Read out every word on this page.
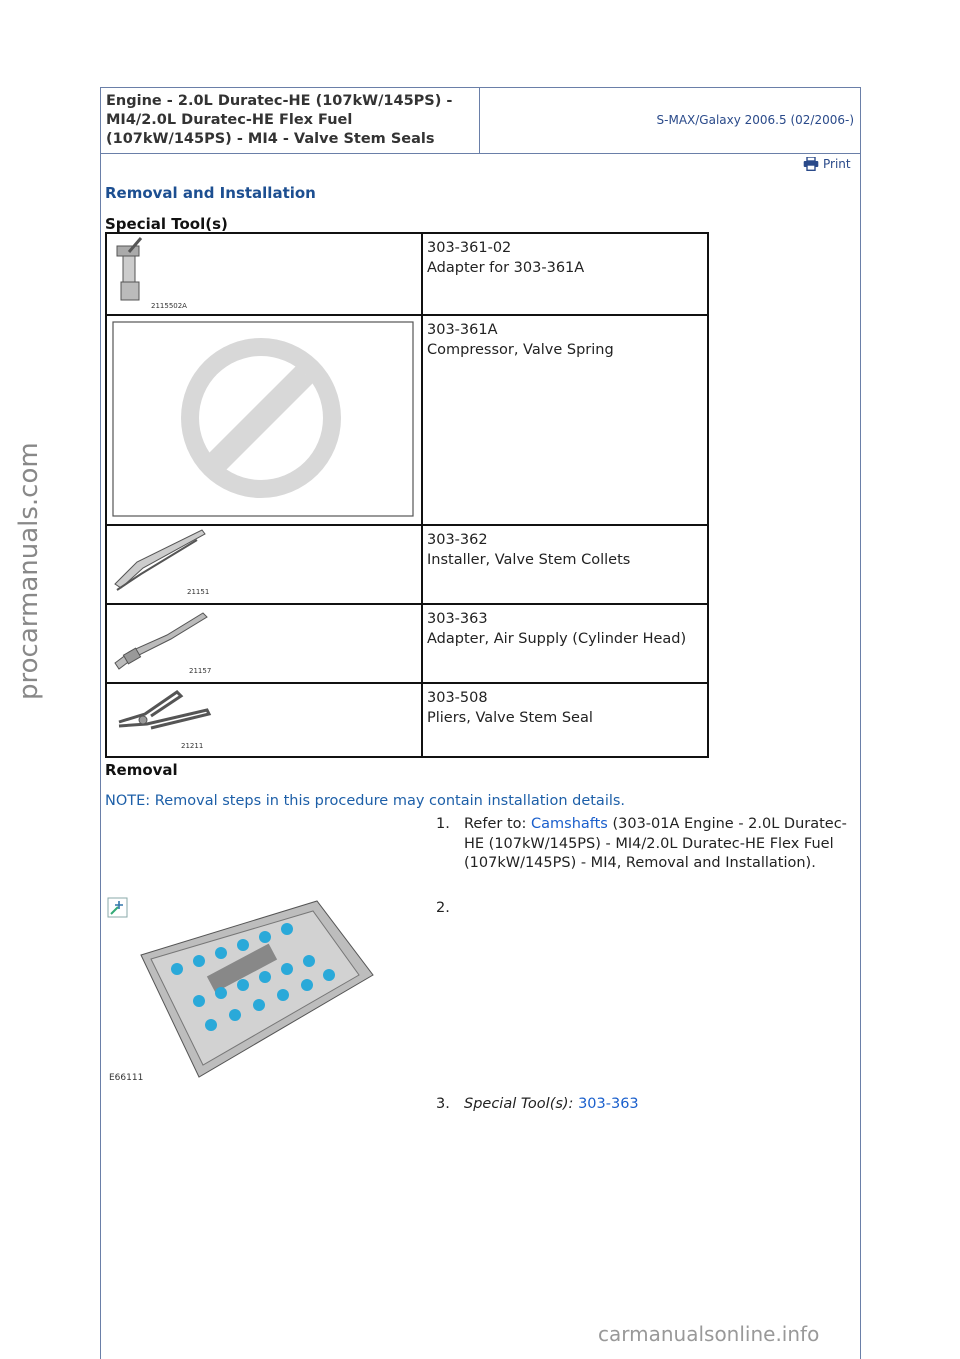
Engine - 2.0L Duratec-HE (107kW/145PS) - MI4/2.0L Duratec-HE Flex Fuel (107kW/145PS) - MI4 - Valve Stem Seals
S-MAX/Galaxy 2006.5 (02/2006-)
Print
Removal and Installation
Special Tool(s)
2115502A	303-361-02
Adapter for 303-361A

303-361A
Compressor, Valve Spring

21151	303-362
Installer, Valve Stem Collets

21157	303-363
Adapter, Air Supply (Cylinder Head)

21211	303-508
Pliers, Valve Stem Seal
Removal
NOTE: Removal steps in this procedure may contain installation details.
1. Refer to: Camshafts (303-01A Engine - 2.0L Duratec-HE (107kW/145PS) - MI4/2.0L Duratec-HE Flex Fuel (107kW/145PS) - MI4, Removal and Installation).
2.
E66111
3. Special Tool(s): 303-363
procarmanuals.com
carmanualsonline.info
